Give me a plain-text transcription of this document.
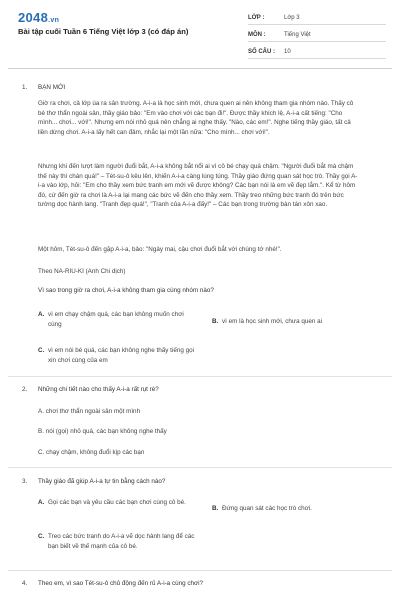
2048.vn
Bài tập cuối Tuần 6 Tiếng Việt lớp 3 (có đáp án)
LỚP :	Lớp 3
MÔN :	Tiếng Việt
SỐ CÂU :	10
1. BẠN MỚI
Giờ ra chơi, cả lớp ùa ra sân trường. A-i-a là học sinh mới, chưa quen ai nên không tham gia nhóm nào. Thấy cô bé thơ thẩn ngoài sân, thầy giáo bảo: "Em vào chơi với các bạn đi!". Được thầy khích lệ, A-i-a cất tiếng: "Cho mình... chơi... với!". Nhưng em nói nhỏ quá nên chẳng ai nghe thấy. "Nào, các em!". Nghe tiếng thầy giáo, tất cả liền dừng chơi. A-i-a lấy hết can đảm, nhắc lại một lần nữa: "Cho mình... chơi với!".
Nhưng khi đến lượt làm người đuổi bắt, A-i-a không bắt nổi ai vì cô bé chạy quá chậm. "Người đuổi bắt mà chậm thế này thì chán quá!" – Tét-su-ô kêu lên, khiến A-i-a càng lúng túng. Thầy giáo đứng quan sát học trò. Thầy gọi A-i-a vào lớp, hỏi: "Em cho thầy xem bức tranh em mới vẽ được không? Các bạn nói là em vẽ đẹp lắm.". Kể từ hôm đó, cứ đến giờ ra chơi là A-i-a lại mang các bức vẽ đến cho thầy xem. Thầy treo những bức tranh đó trên bức tường dọc hành lang. "Tranh đẹp quá!", "Tranh của A-i-a đấy!" – Các bạn trong trường bàn tán xôn xao.
Một hôm, Tét-su-ô đến gặp A-i-a, bảo: "Ngày mai, cậu chơi đuổi bắt với chúng tớ nhé!".
Theo NA-RIU-KI (Anh Chi dịch)
Vì sao trong giờ ra chơi, A-i-a không tham gia cùng nhóm nào?
A. vì em chạy chậm quá, các bạn không muốn chơi cùng	B. vì em là học sinh mới, chưa quen ai
C. vì em nói bé quá, các bạn không nghe thấy tiếng gọi xin chơi cùng của em
2. Những chi tiết nào cho thấy A-i-a rất rụt rè?
A. chơi thơ thẩn ngoài sân một mình
B. nói (gọi) nhỏ quá, các bạn không nghe thấy
C. chạy chậm, không đuổi kịp các bạn
3. Thầy giáo đã giúp A-i-a tự tin bằng cách nào?
A. Gọi các bạn và yêu cầu các bạn chơi cùng cô bé.
B. Đứng quan sát các học trò chơi.
C. Treo các bức tranh do A-i-a vẽ dọc hành lang để các bạn biết về thế mạnh của cô bé.
4. Theo em, vì sao Tét-su-ô chủ động đến rủ A-i-a cùng chơi?
